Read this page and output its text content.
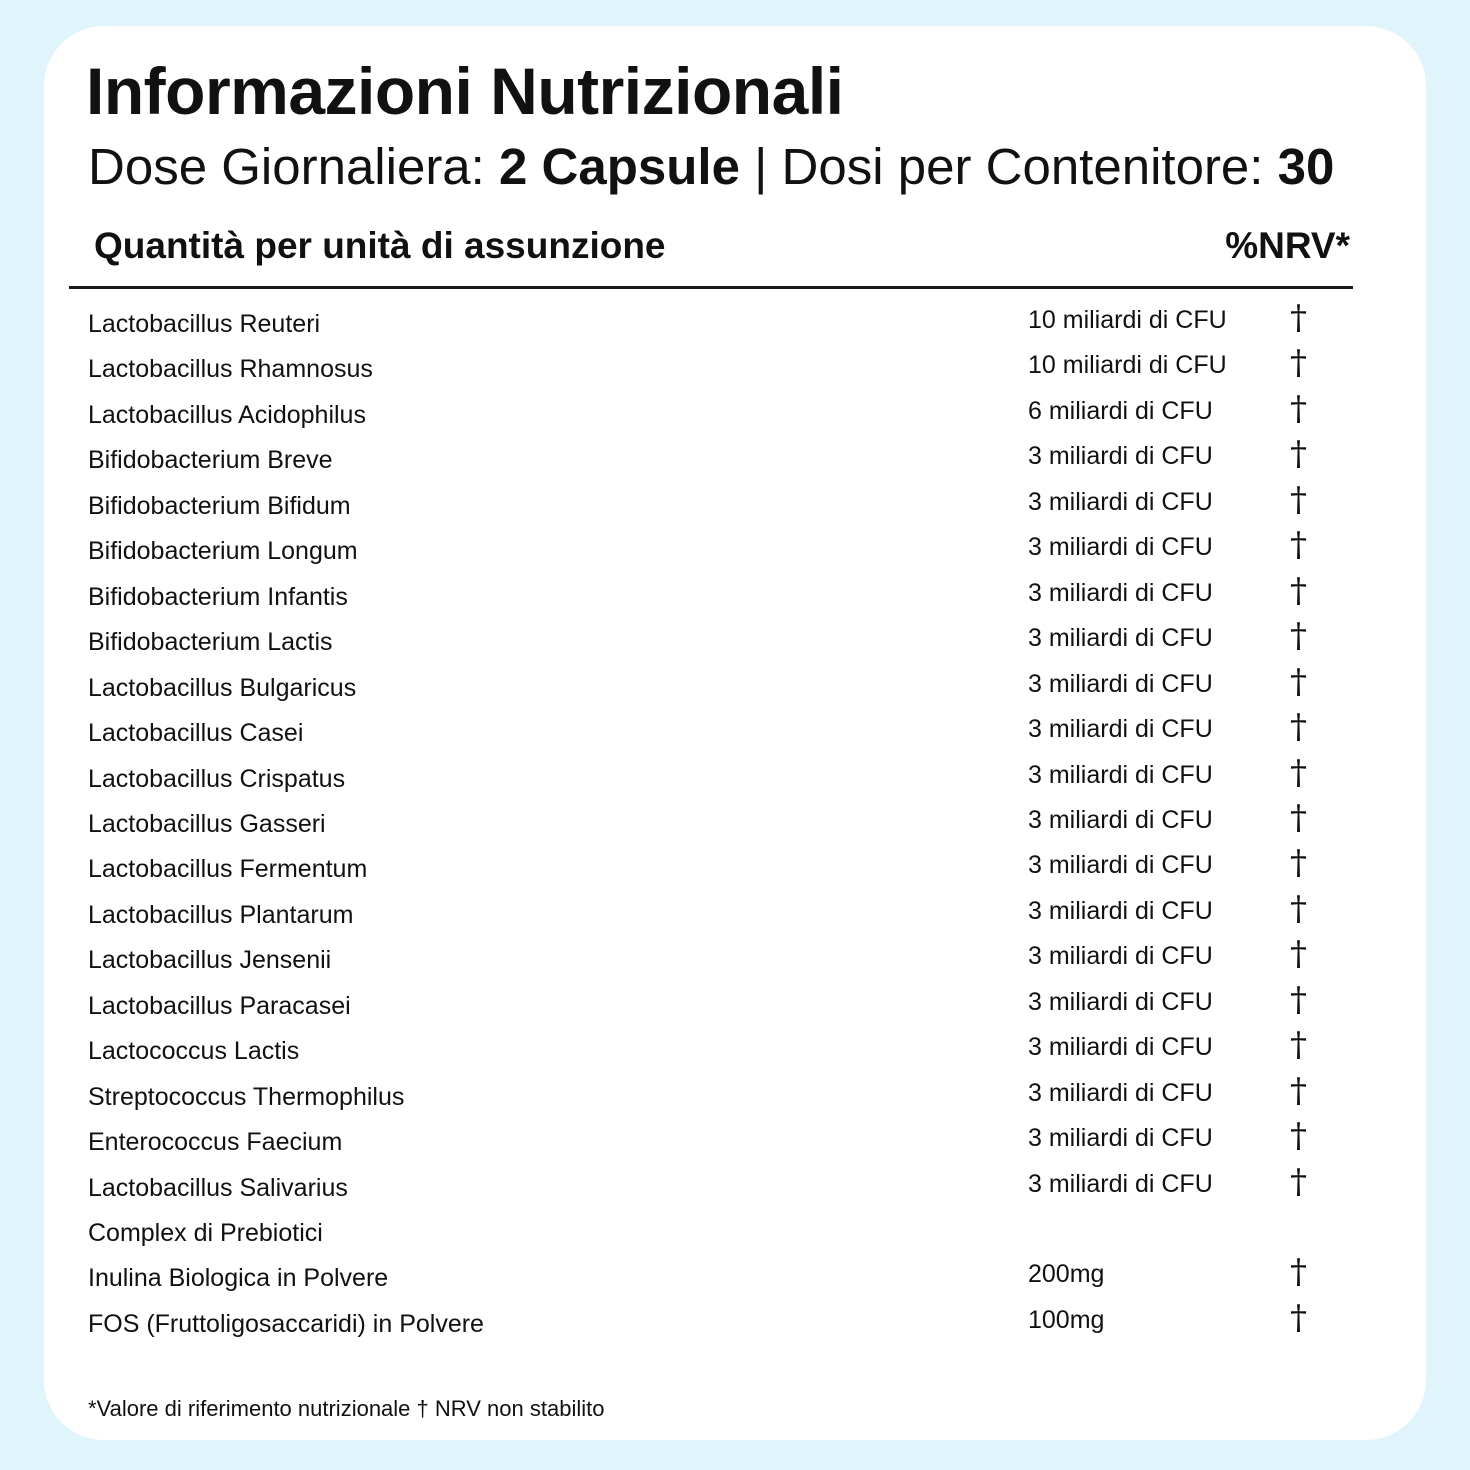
Informazioni Nutrizionali
Dose Giornaliera: 2 Capsule | Dosi per Contenitore: 30
Quantità per unità di assunzione	%NRV*
Lactobacillus Reuteri	10 miliardi di CFU †
Lactobacillus Rhamnosus	10 miliardi di CFU †
Lactobacillus Acidophilus	6 miliardi di CFU †
Bifidobacterium Breve	3 miliardi di CFU †
Bifidobacterium Bifidum	3 miliardi di CFU †
Bifidobacterium Longum	3 miliardi di CFU †
Bifidobacterium Infantis	3 miliardi di CFU †
Bifidobacterium Lactis	3 miliardi di CFU †
Lactobacillus Bulgaricus	3 miliardi di CFU †
Lactobacillus Casei	3 miliardi di CFU †
Lactobacillus Crispatus	3 miliardi di CFU †
Lactobacillus Gasseri	3 miliardi di CFU †
Lactobacillus Fermentum	3 miliardi di CFU †
Lactobacillus Plantarum	3 miliardi di CFU †
Lactobacillus Jensenii	3 miliardi di CFU †
Lactobacillus Paracasei	3 miliardi di CFU †
Lactococcus Lactis	3 miliardi di CFU †
Streptococcus Thermophilus	3 miliardi di CFU †
Enterococcus Faecium	3 miliardi di CFU †
Lactobacillus Salivarius	3 miliardi di CFU †
Complex di Prebiotici
Inulina Biologica in Polvere	200mg	†
FOS (Fruttoligosaccaridi) in Polvere	100mg	†
*Valore di riferimento nutrizionale † NRV non stabilito
